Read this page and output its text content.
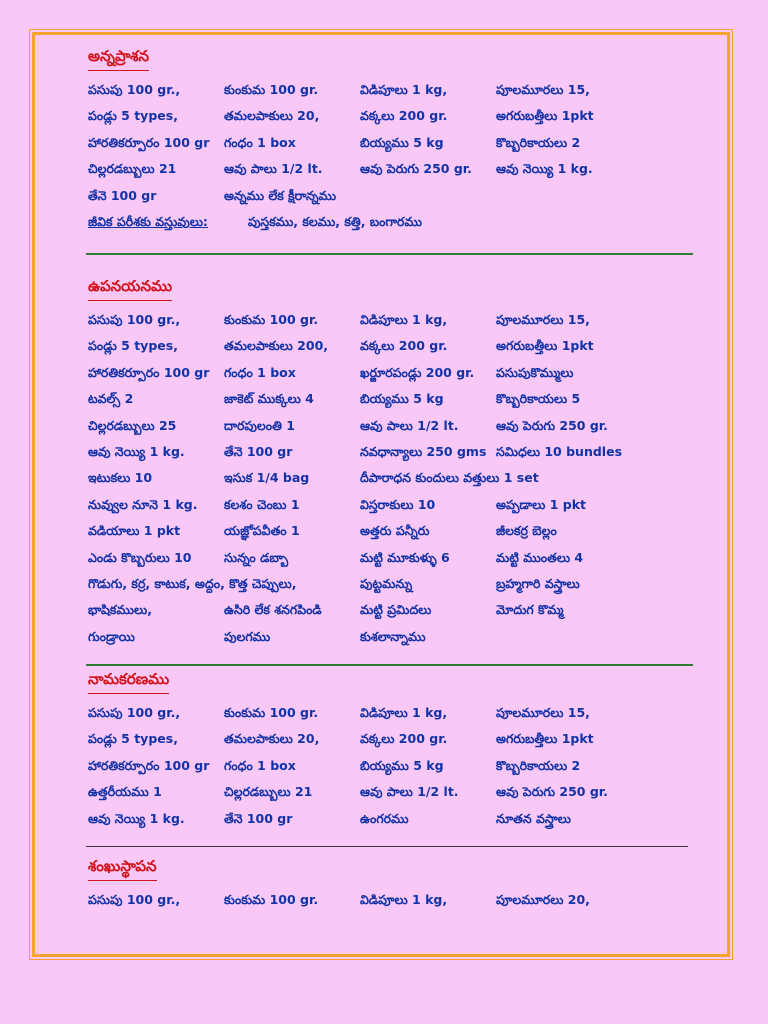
అన్నప్రాశన
పసుపు 100 gr.,	కుంకుమ 100 gr.	విడిపూలు 1 kg,	పూలమూరలు 15,
పండ్లు 5 types,	తమలపాకులు 20,	వక్కలు 200 gr.	అగరుబత్తీలు 1pkt
హారతికర్పూరం 100 gr	గంధం 1 box	బియ్యము 5 kg	కొబ్బరికాయలు 2
చిల్లరడబ్బులు 21	ఆవు పాలు 1/2 lt.	ఆవు పెరుగు 250 gr.	ఆవు నెయ్యి 1 kg.
తేనె 100 gr	అన్నము లేక క్షీరాన్నము
జీవిక పరీశకు వస్తువులు:	పుస్తకము, కలము, కత్తి, బంగారము
ఉపనయనము
పసుపు 100 gr.,	కుంకుమ 100 gr.	విడిపూలు 1 kg,	పూలమూరలు 15,
పండ్లు 5 types,	తమలపాకులు 200,	వక్కలు 200 gr.	అగరుబత్తీలు 1pkt
హారతికర్పూరం 100 gr	గంధం 1 box	ఖర్జూరపండ్లు 200 gr.	పసుపుకొమ్ములు
టవల్స్ 2	జాకెట్ ముక్కలు 4	బియ్యము 5 kg	కొబ్బరికాయలు 5
చిల్లరడబ్బులు 25	దారపులంతి 1	ఆవు పాలు 1/2 lt.	ఆవు పెరుగు 250 gr.
ఆవు నెయ్యి 1 kg.	తేనె 100 gr	నవధాన్యాలు 250 gms సమిధలు 10 bundles
ఇటుకలు 10	ఇసుక 1/4 bag	దీపారాధన కుందులు వత్తులు 1 set
నువ్వుల నూనె 1 kg.	కలశం చెంబు 1	విస్తరాకులు 10	అప్పడాలు 1 pkt
వడియాలు 1 pkt	యజ్ఞోపవీతం 1	అత్తరు పన్నీరు	జీలకర్ర బెల్లం
ఎండు కొబ్బరులు 10	సున్నం డబ్బా	మట్టి మూకుళ్ళు 6	మట్టి ముంతలు 4
గొడుగు, కర్ర, కాటుక, అద్దం, కొత్త చెప్పులు,	పుట్టమన్ను	బ్రహ్మగారి వస్త్రాలు
భాషికములు,	ఉసిరి లేక శనగపిండి	మట్టి ప్రమిదలు	మోదుగ కొమ్మ
గుండ్రాయి	పులగము	కుశలాన్నాము
నామకరణము
పసుపు 100 gr.,	కుంకుమ 100 gr.	విడిపూలు 1 kg,	పూలమూరలు 15,
పండ్లు 5 types,	తమలపాకులు 20,	వక్కలు 200 gr.	అగరుబత్తీలు 1pkt
హారతికర్పూరం 100 gr	గంధం 1 box	బియ్యము 5 kg	కొబ్బరికాయలు 2
ఉత్తరీయము 1	చిల్లరడబ్బులు 21	ఆవు పాలు 1/2 lt.	ఆవు పెరుగు 250 gr.
ఆవు నెయ్యి 1 kg.	తేనె 100 gr	ఉంగరము	నూతన వస్త్రాలు
శంఖుస్థాపన
పసుపు 100 gr.,	కుంకుమ 100 gr.	విడిపూలు 1 kg,	పూలమూరలు 20,
